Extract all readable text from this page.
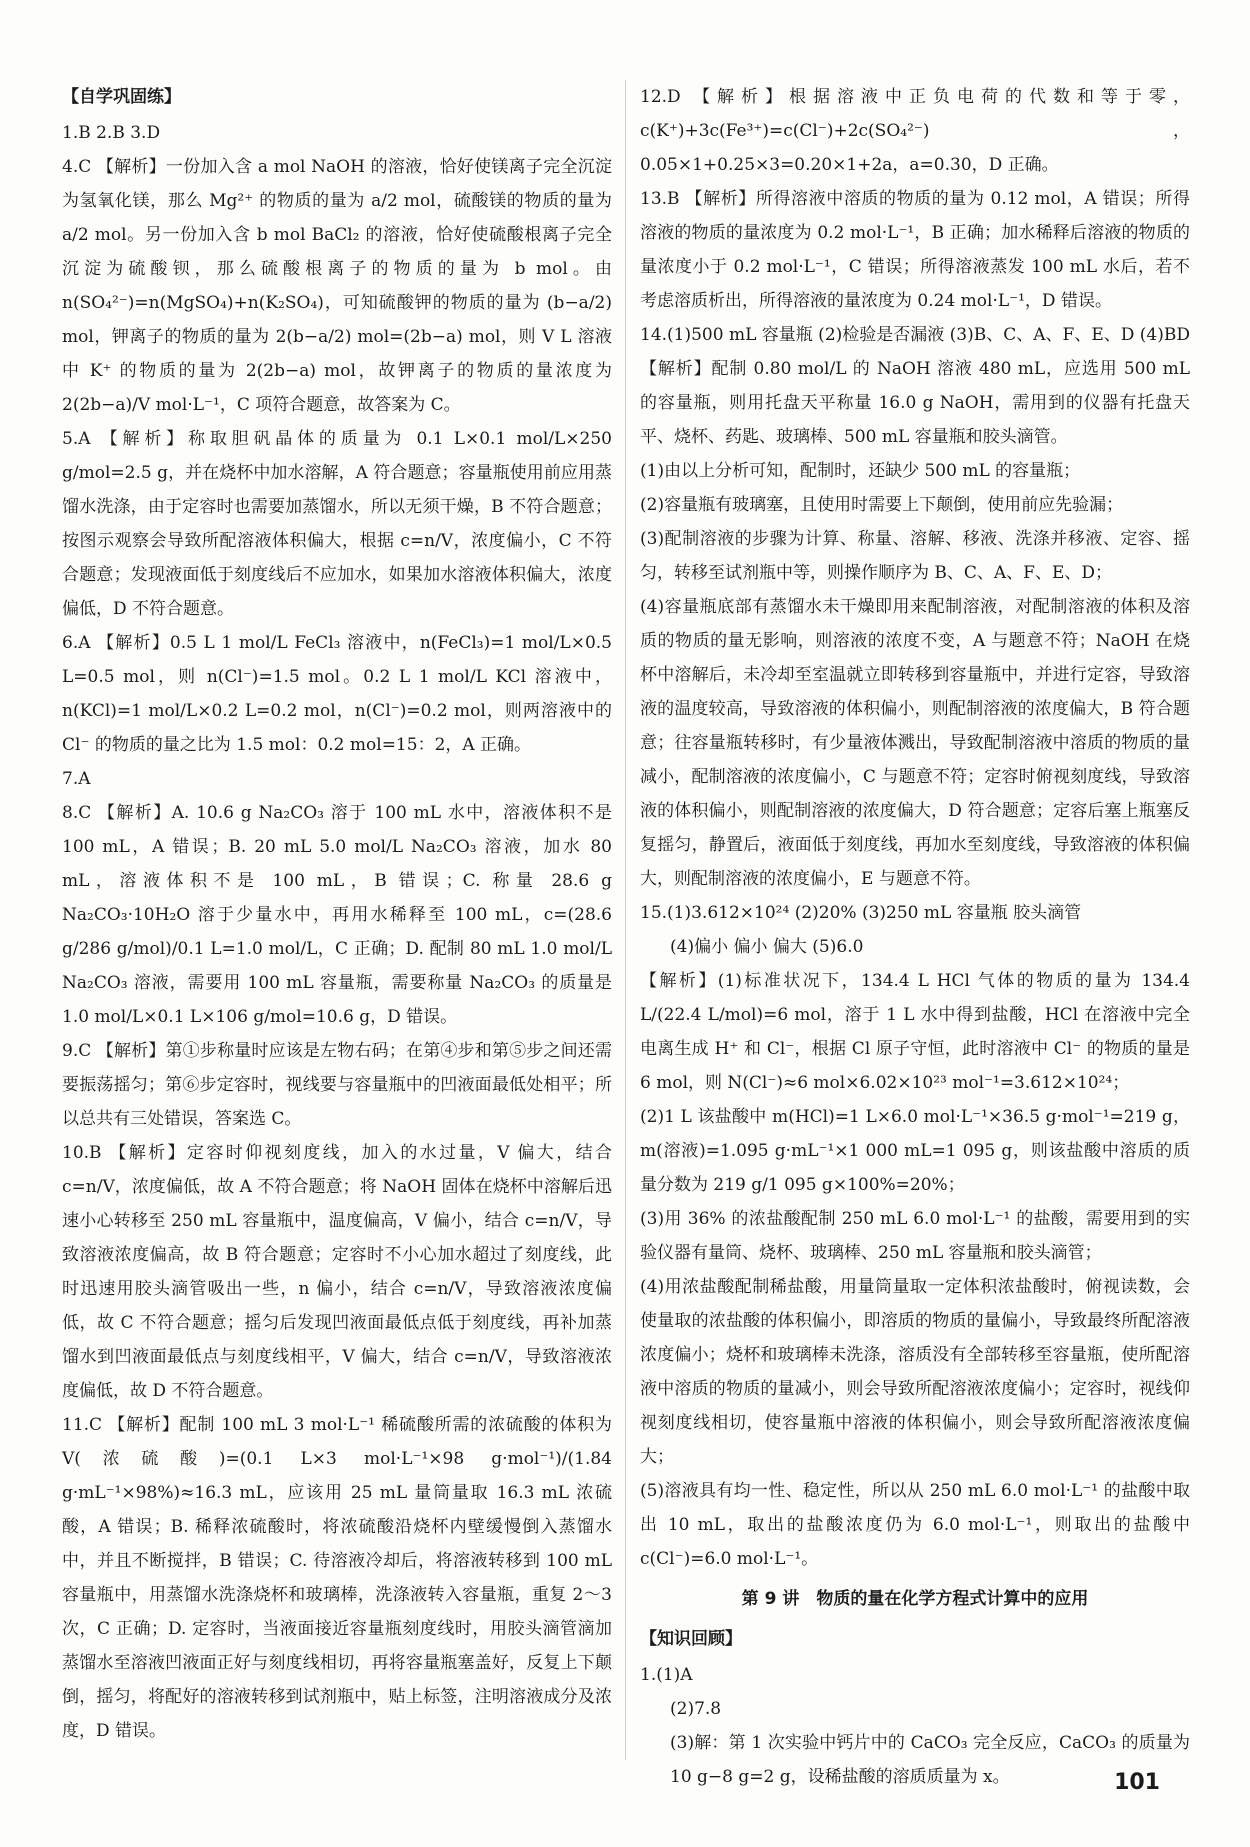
【自学巩固练】

1.B 2.B 3.D

4.C 【解析】一份加入含 a mol NaOH 的溶液，恰好使镁离子完全沉淀为氢氧化镁，那么 Mg²⁺ 的物质的量为 a/2 mol，硫酸镁的物质的量为 a/2 mol。另一份加入含 b mol BaCl₂ 的溶液，恰好使硫酸根离子完全沉淀为硫酸钡，那么硫酸根离子的物质的量为 b mol。由 n(SO₄²⁻)=n(MgSO₄)+n(K₂SO₄)，可知硫酸钾的物质的量为 (b−a/2) mol，钾离子的物质的量为 2(b−a/2) mol=(2b−a) mol，则 V L 溶液中 K⁺ 的物质的量为 2(2b−a) mol，故钾离子的物质的量浓度为 2(2b−a)/V mol·L⁻¹，C 项符合题意，故答案为 C。

5.A 【解析】称取胆矾晶体的质量为 0.1 L×0.1 mol/L×250 g/mol=2.5 g，并在烧杯中加水溶解，A 符合题意；容量瓶使用前应用蒸馏水洗涤，由于定容时也需要加蒸馏水，所以无须干燥，B 不符合题意；按图示观察会导致所配溶液体积偏大，根据 c=n/V，浓度偏小，C 不符合题意；发现液面低于刻度线后不应加水，如果加水溶液体积偏大，浓度偏低，D 不符合题意。

6.A 【解析】0.5 L 1 mol/L FeCl₃ 溶液中，n(FeCl₃)=1 mol/L×0.5 L=0.5 mol，则 n(Cl⁻)=1.5 mol。0.2 L 1 mol/L KCl 溶液中，n(KCl)=1 mol/L×0.2 L=0.2 mol，n(Cl⁻)=0.2 mol，则两溶液中的 Cl⁻ 的物质的量之比为 1.5 mol：0.2 mol=15：2，A 正确。

7.A

8.C 【解析】A. 10.6 g Na₂CO₃ 溶于 100 mL 水中，溶液体积不是 100 mL，A 错误；B. 20 mL 5.0 mol/L Na₂CO₃ 溶液，加水 80 mL，溶液体积不是 100 mL，B 错误；C. 称量 28.6 g Na₂CO₃·10H₂O 溶于少量水中，再用水稀释至 100 mL，c=(28.6 g/286 g/mol)/0.1 L=1.0 mol/L，C 正确；D. 配制 80 mL 1.0 mol/L Na₂CO₃ 溶液，需要用 100 mL 容量瓶，需要称量 Na₂CO₃ 的质量是 1.0 mol/L×0.1 L×106 g/mol=10.6 g，D 错误。

9.C 【解析】第①步称量时应该是左物右码；在第④步和第⑤步之间还需要振荡摇匀；第⑥步定容时，视线要与容量瓶中的凹液面最低处相平；所以总共有三处错误，答案选 C。

10.B 【解析】定容时仰视刻度线，加入的水过量，V 偏大，结合 c=n/V，浓度偏低，故 A 不符合题意；将 NaOH 固体在烧杯中溶解后迅速小心转移至 250 mL 容量瓶中，温度偏高，V 偏小，结合 c=n/V，导致溶液浓度偏高，故 B 符合题意；定容时不小心加水超过了刻度线，此时迅速用胶头滴管吸出一些，n 偏小，结合 c=n/V，导致溶液浓度偏低，故 C 不符合题意；摇匀后发现凹液面最低点低于刻度线，再补加蒸馏水到凹液面最低点与刻度线相平，V 偏大，结合 c=n/V，导致溶液浓度偏低，故 D 不符合题意。

11.C 【解析】配制 100 mL 3 mol·L⁻¹ 稀硫酸所需的浓硫酸的体积为 V(浓硫酸)=(0.1 L×3 mol·L⁻¹×98 g·mol⁻¹)/(1.84 g·mL⁻¹×98%)≈16.3 mL，应该用 25 mL 量筒量取 16.3 mL 浓硫酸，A 错误；B. 稀释浓硫酸时，将浓硫酸沿烧杯内壁缓慢倒入蒸馏水中，并且不断搅拌，B 错误；C. 待溶液冷却后，将溶液转移到 100 mL 容量瓶中，用蒸馏水洗涤烧杯和玻璃棒，洗涤液转入容量瓶，重复 2～3 次，C 正确；D. 定容时，当液面接近容量瓶刻度线时，用胶头滴管滴加蒸馏水至溶液凹液面正好与刻度线相切，再将容量瓶塞盖好，反复上下颠倒，摇匀，将配好的溶液转移到试剂瓶中，贴上标签，注明溶液成分及浓度，D 错误。

12.D 【解析】根据溶液中正负电荷的代数和等于零，c(K⁺)+3c(Fe³⁺)=c(Cl⁻)+2c(SO₄²⁻)，0.05×1+0.25×3=0.20×1+2a，a=0.30，D 正确。

13.B 【解析】所得溶液中溶质的物质的量为 0.12 mol，A 错误；所得溶液的物质的量浓度为 0.2 mol·L⁻¹，B 正确；加水稀释后溶液的物质的量浓度小于 0.2 mol·L⁻¹，C 错误；所得溶液蒸发 100 mL 水后，若不考虑溶质析出，所得溶液的量浓度为 0.24 mol·L⁻¹，D 错误。

14.(1)500 mL 容量瓶 (2)检验是否漏液 (3)B、C、A、F、E、D (4)BD

【解析】配制 0.80 mol/L 的 NaOH 溶液 480 mL，应选用 500 mL 的容量瓶，则用托盘天平称量 16.0 g NaOH，需用到的仪器有托盘天平、烧杯、药匙、玻璃棒、500 mL 容量瓶和胶头滴管。

(1)由以上分析可知，配制时，还缺少 500 mL 的容量瓶；

(2)容量瓶有玻璃塞，且使用时需要上下颠倒，使用前应先验漏；

(3)配制溶液的步骤为计算、称量、溶解、移液、洗涤并移液、定容、摇匀，转移至试剂瓶中等，则操作顺序为 B、C、A、F、E、D；

(4)容量瓶底部有蒸馏水未干燥即用来配制溶液，对配制溶液的体积及溶质的物质的量无影响，则溶液的浓度不变，A 与题意不符；NaOH 在烧杯中溶解后，未冷却至室温就立即转移到容量瓶中，并进行定容，导致溶液的温度较高，导致溶液的体积偏小，则配制溶液的浓度偏大，B 符合题意；往容量瓶转移时，有少量液体溅出，导致配制溶液中溶质的物质的量减小，配制溶液的浓度偏小，C 与题意不符；定容时俯视刻度线，导致溶液的体积偏小，则配制溶液的浓度偏大，D 符合题意；定容后塞上瓶塞反复摇匀，静置后，液面低于刻度线，再加水至刻度线，导致溶液的体积偏大，则配制溶液的浓度偏小，E 与题意不符。

15.(1)3.612×10²⁴ (2)20% (3)250 mL 容量瓶 胶头滴管

(4)偏小 偏小 偏大 (5)6.0

【解析】(1)标准状况下，134.4 L HCl 气体的物质的量为 134.4 L/(22.4 L/mol)=6 mol，溶于 1 L 水中得到盐酸，HCl 在溶液中完全电离生成 H⁺ 和 Cl⁻，根据 Cl 原子守恒，此时溶液中 Cl⁻ 的物质的量是 6 mol，则 N(Cl⁻)≈6 mol×6.02×10²³ mol⁻¹=3.612×10²⁴；

(2)1 L 该盐酸中 m(HCl)=1 L×6.0 mol·L⁻¹×36.5 g·mol⁻¹=219 g，m(溶液)=1.095 g·mL⁻¹×1 000 mL=1 095 g，则该盐酸中溶质的质量分数为 219 g/1 095 g×100%=20%；

(3)用 36% 的浓盐酸配制 250 mL 6.0 mol·L⁻¹ 的盐酸，需要用到的实验仪器有量筒、烧杯、玻璃棒、250 mL 容量瓶和胶头滴管；

(4)用浓盐酸配制稀盐酸，用量筒量取一定体积浓盐酸时，俯视读数，会使量取的浓盐酸的体积偏小，即溶质的物质的量偏小，导致最终所配溶液浓度偏小；烧杯和玻璃棒未洗涤，溶质没有全部转移至容量瓶，使所配溶液中溶质的物质的量减小，则会导致所配溶液浓度偏小；定容时，视线仰视刻度线相切，使容量瓶中溶液的体积偏小，则会导致所配溶液浓度偏大；

(5)溶液具有均一性、稳定性，所以从 250 mL 6.0 mol·L⁻¹ 的盐酸中取出 10 mL，取出的盐酸浓度仍为 6.0 mol·L⁻¹，则取出的盐酸中 c(Cl⁻)=6.0 mol·L⁻¹。

第 9 讲　物质的量在化学方程式计算中的应用

【知识回顾】

1.(1)A

(2)7.8

(3)解：第 1 次实验中钙片中的 CaCO₃ 完全反应，CaCO₃ 的质量为 10 g−8 g=2 g，设稀盐酸的溶质质量为 x。	101
